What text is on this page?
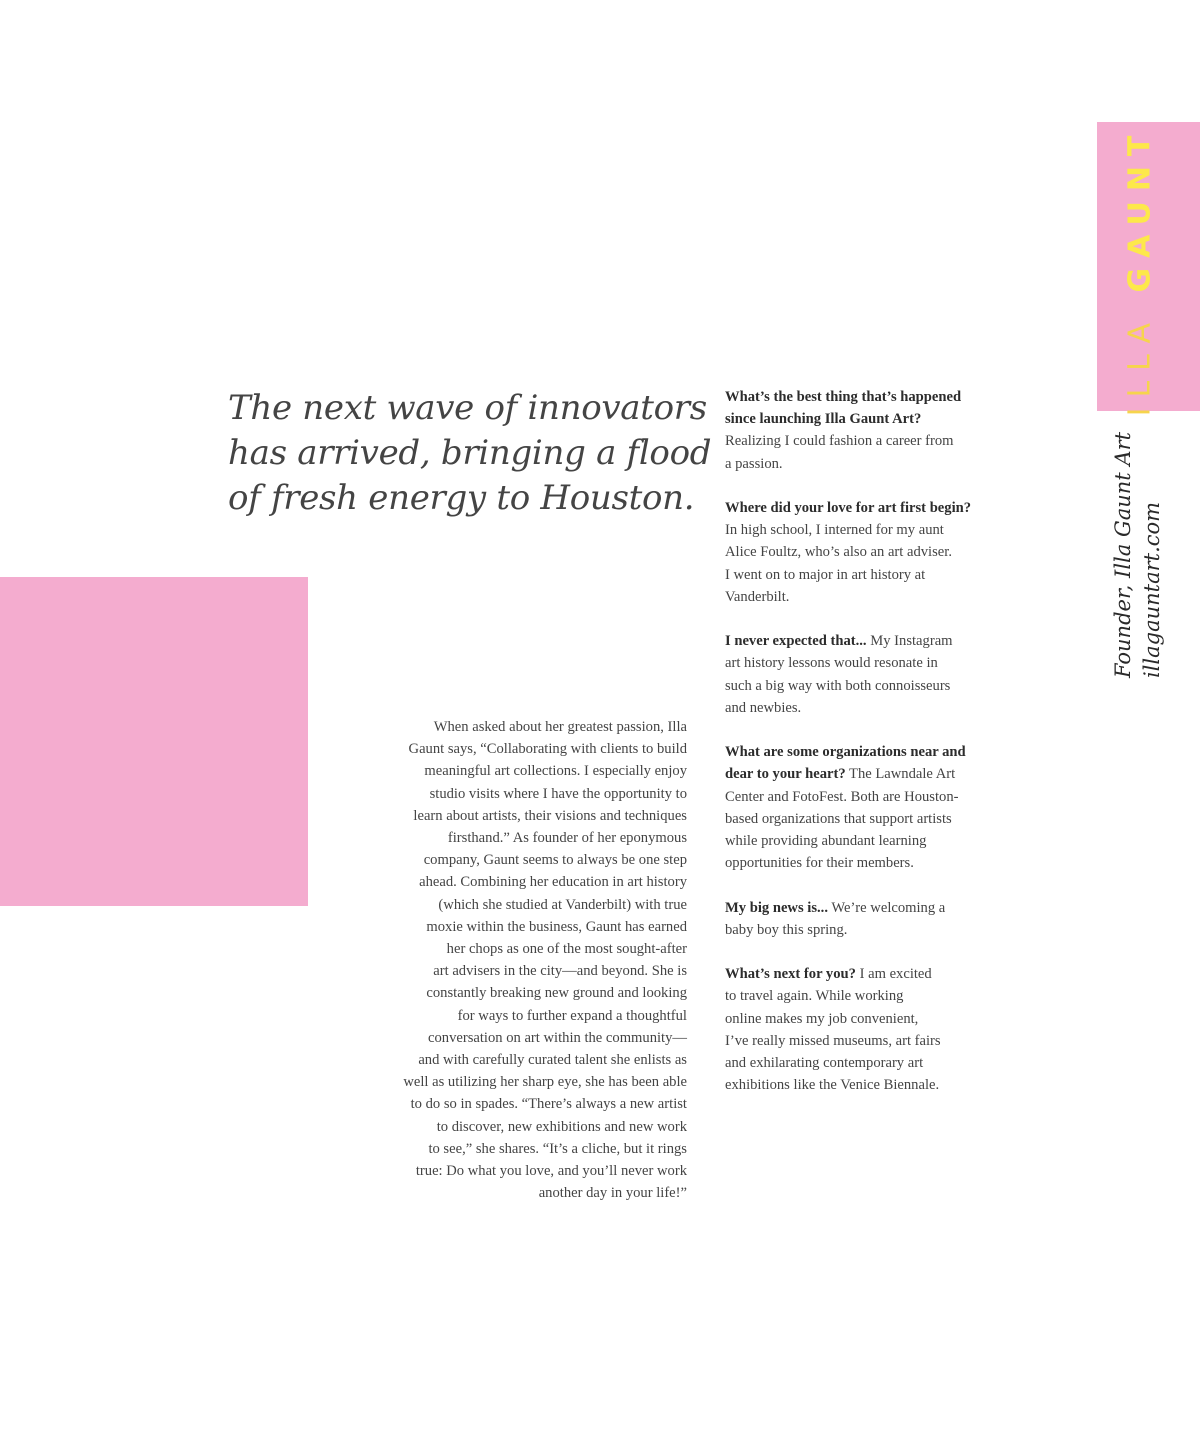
The next wave of innovators
has arrived, bringing a flood
of fresh energy to Houston.
ILLA GAUNT
Founder, Illa Gaunt Art illagauntart.com
When asked about her greatest passion, Illa
Gaunt says, “Collaborating with clients to build
meaningful art collections. I especially enjoy
studio visits where I have the opportunity to
learn about artists, their visions and techniques
firsthand.” As founder of her eponymous
company, Gaunt seems to always be one step
ahead. Combining her education in art history
(which she studied at Vanderbilt) with true
moxie within the business, Gaunt has earned
her chops as one of the most sought-after
art advisers in the city—and beyond. She is
constantly breaking new ground and looking
for ways to further expand a thoughtful
conversation on art within the community—
and with carefully curated talent she enlists as
well as utilizing her sharp eye, she has been able
to do so in spades. “There’s always a new artist
to discover, new exhibitions and new work
to see,” she shares. “It’s a cliche, but it rings
true: Do what you love, and you’ll never work
another day in your life!”
What’s the best thing that’s happened
since launching Illa Gaunt Art?
Realizing I could fashion a career from
a passion.
Where did your love for art first begin?
In high school, I interned for my aunt
Alice Foultz, who’s also an art adviser.
I went on to major in art history at
Vanderbilt.
I never expected that... My Instagram
art history lessons would resonate in
such a big way with both connoisseurs
and newbies.
What are some organizations near and
dear to your heart? The Lawndale Art
Center and FotoFest. Both are Houston-
based organizations that support artists
while providing abundant learning
opportunities for their members.
My big news is... We’re welcoming a
baby boy this spring.
What’s next for you? I am excited
to travel again. While working
online makes my job convenient,
I’ve really missed museums, art fairs
and exhilarating contemporary art
exhibitions like the Venice Biennale.
